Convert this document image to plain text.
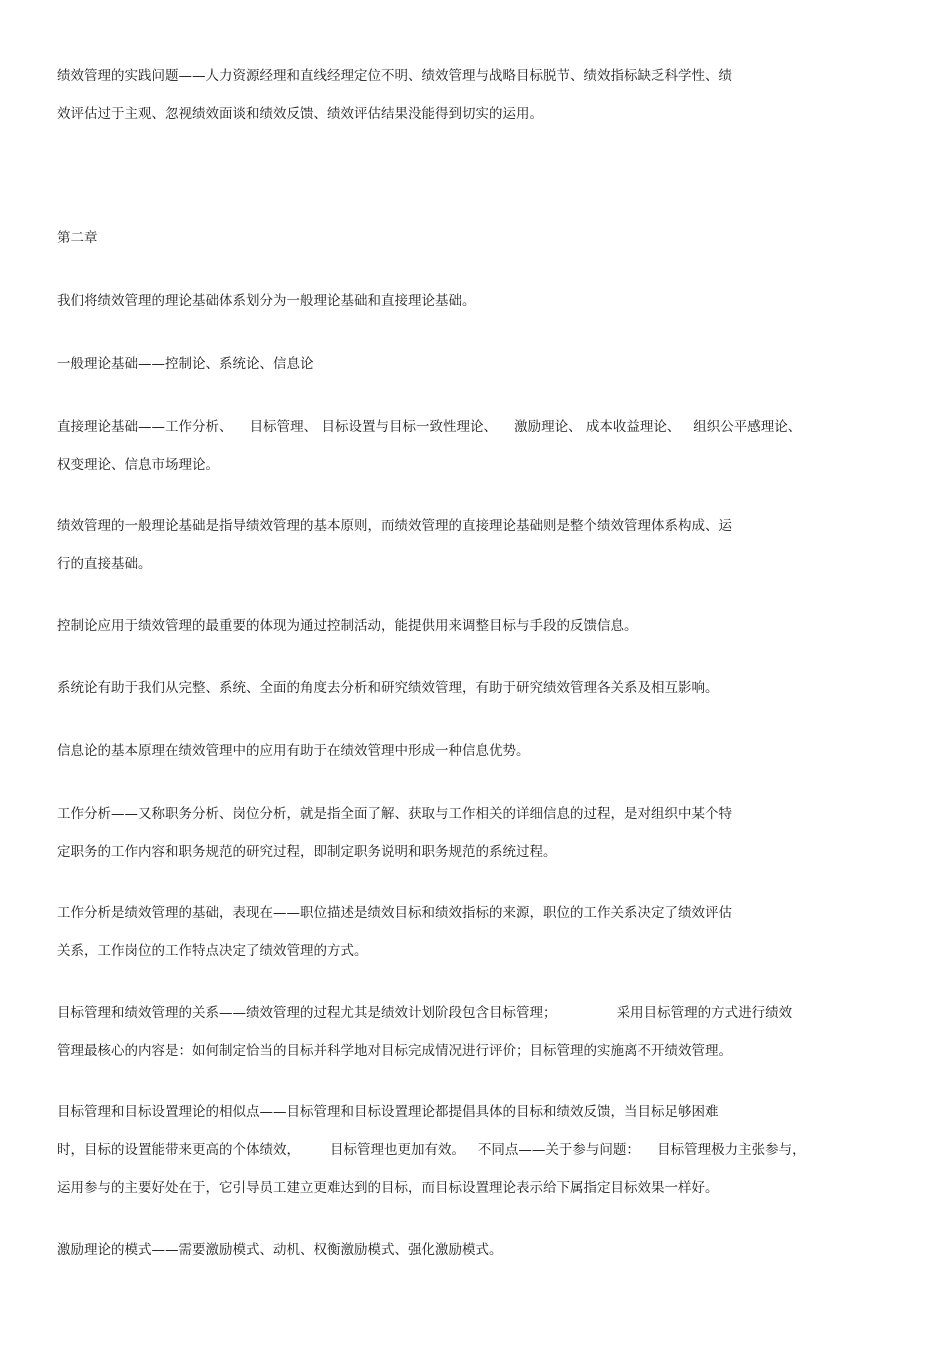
绩效管理的实践问题——人力资源经理和直线经理定位不明、绩效管理与战略目标脱节、绩效指标缺乏科学性、绩
效评估过于主观、忽视绩效面谈和绩效反馈、绩效评估结果没能得到切实的运用。
第二章
我们将绩效管理的理论基础体系划分为一般理论基础和直接理论基础。
一般理论基础——控制论、系统论、信息论
直接理论基础——工作分析、    目标管理、 目标设置与目标一致性理论、    激励理论、 成本收益理论、   组织公平感理论、
权变理论、信息市场理论。
绩效管理的一般理论基础是指导绩效管理的基本原则，而绩效管理的直接理论基础则是整个绩效管理体系构成、运
行的直接基础。
控制论应用于绩效管理的最重要的体现为通过控制活动，能提供用来调整目标与手段的反馈信息。
系统论有助于我们从完整、系统、全面的角度去分析和研究绩效管理，有助于研究绩效管理各关系及相互影响。
信息论的基本原理在绩效管理中的应用有助于在绩效管理中形成一种信息优势。
工作分析——又称职务分析、岗位分析，就是指全面了解、获取与工作相关的详细信息的过程，是对组织中某个特
定职务的工作内容和职务规范的研究过程，即制定职务说明和职务规范的系统过程。
工作分析是绩效管理的基础，表现在——职位描述是绩效目标和绩效指标的来源，职位的工作关系决定了绩效评估
关系，工作岗位的工作特点决定了绩效管理的方式。
目标管理和绩效管理的关系——绩效管理的过程尤其是绩效计划阶段包含目标管理；              采用目标管理的方式进行绩效
管理最核心的内容是：如何制定恰当的目标并科学地对目标完成情况进行评价；目标管理的实施离不开绩效管理。
目标管理和目标设置理论的相似点——目标管理和目标设置理论都提倡具体的目标和绩效反馈，当目标足够困难
时，目标的设置能带来更高的个体绩效，       目标管理也更加有效。   不同点——关于参与问题：    目标管理极力主张参与，
运用参与的主要好处在于，它引导员工建立更难达到的目标，而目标设置理论表示给下属指定目标效果一样好。
激励理论的模式——需要激励模式、动机、权衡激励模式、强化激励模式。
